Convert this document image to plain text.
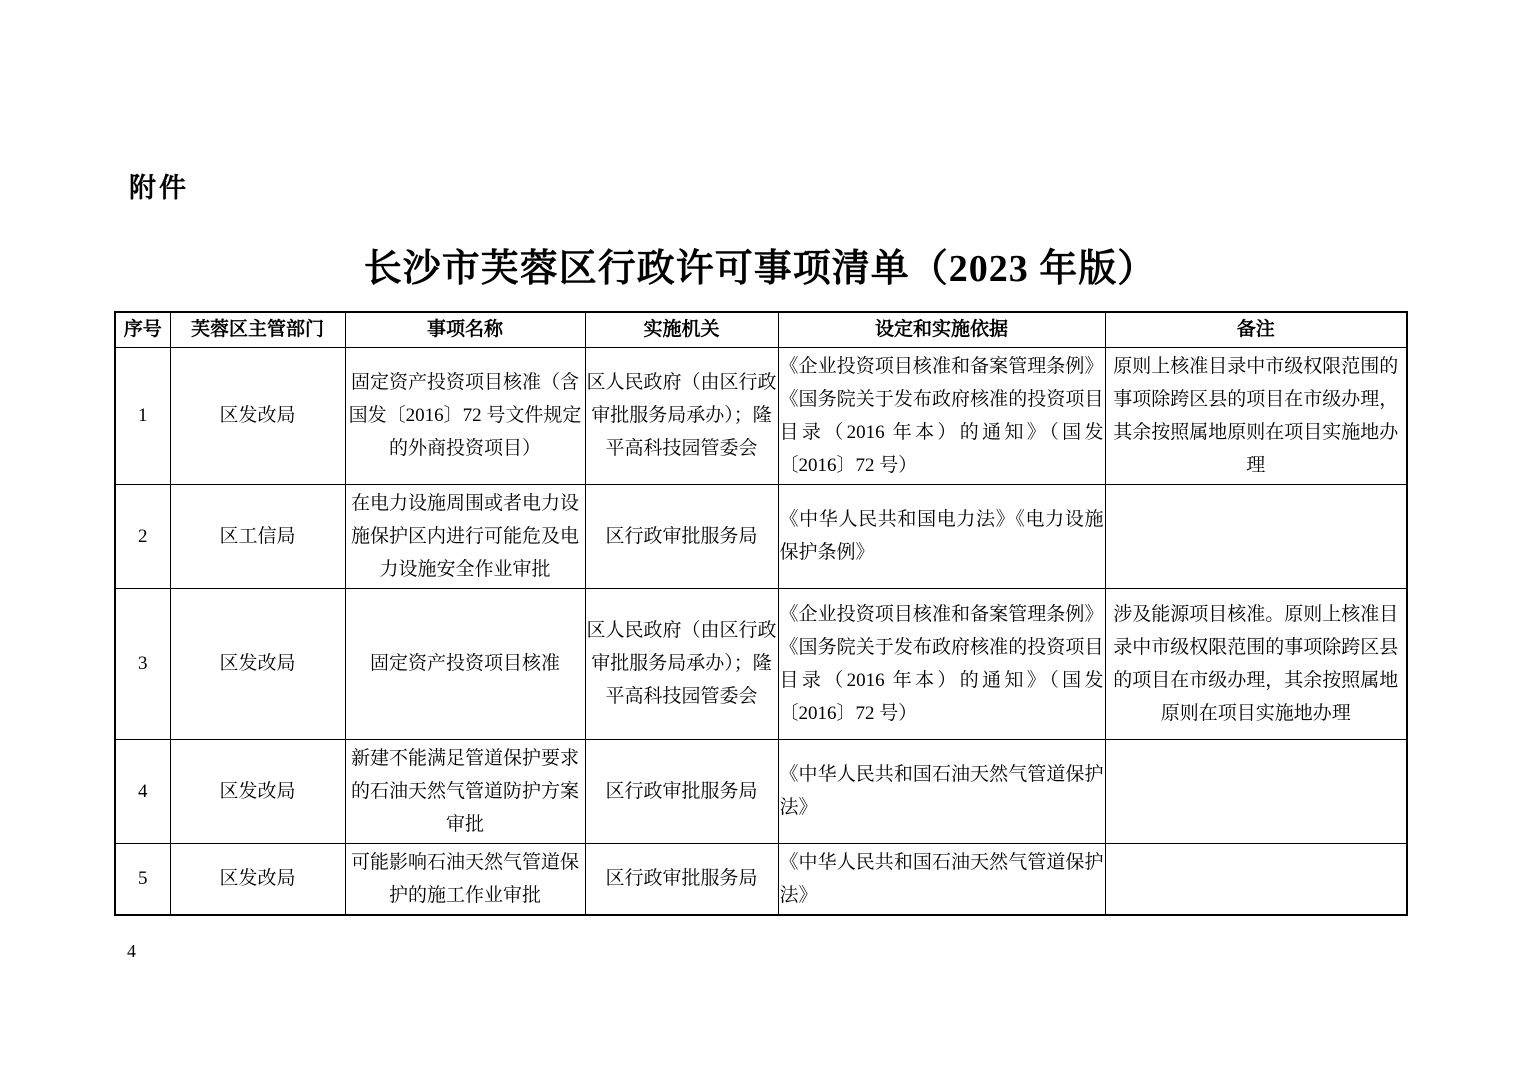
附件
长沙市芙蓉区行政许可事项清单（2023 年版）
序号	芙蓉区主管部门	事项名称	实施机关	设定和实施依据	备注
1	区发改局	固定资产投资项目核准（含国发〔2016〕72 号文件规定的外商投资项目）	区人民政府（由区行政审批服务局承办）；隆平高科技园管委会	《企业投资项目核准和备案管理条例》《国务院关于发布政府核准的投资项目目录（2016 年本）的通知》（国发〔2016〕72 号）	原则上核准目录中市级权限范围的事项除跨区县的项目在市级办理，其余按照属地原则在项目实施地办理
2	区工信局	在电力设施周围或者电力设施保护区内进行可能危及电力设施安全作业审批	区行政审批服务局	《中华人民共和国电力法》《电力设施保护条例》	
3	区发改局	固定资产投资项目核准	区人民政府（由区行政审批服务局承办）；隆平高科技园管委会	《企业投资项目核准和备案管理条例》《国务院关于发布政府核准的投资项目目录（2016 年本）的通知》（国发〔2016〕72 号）	涉及能源项目核准。原则上核准目录中市级权限范围的事项除跨区县的项目在市级办理，其余按照属地原则在项目实施地办理
4	区发改局	新建不能满足管道保护要求的石油天然气管道防护方案审批	区行政审批服务局	《中华人民共和国石油天然气管道保护法》	
5	区发改局	可能影响石油天然气管道保护的施工作业审批	区行政审批服务局	《中华人民共和国石油天然气管道保护法》	
4
